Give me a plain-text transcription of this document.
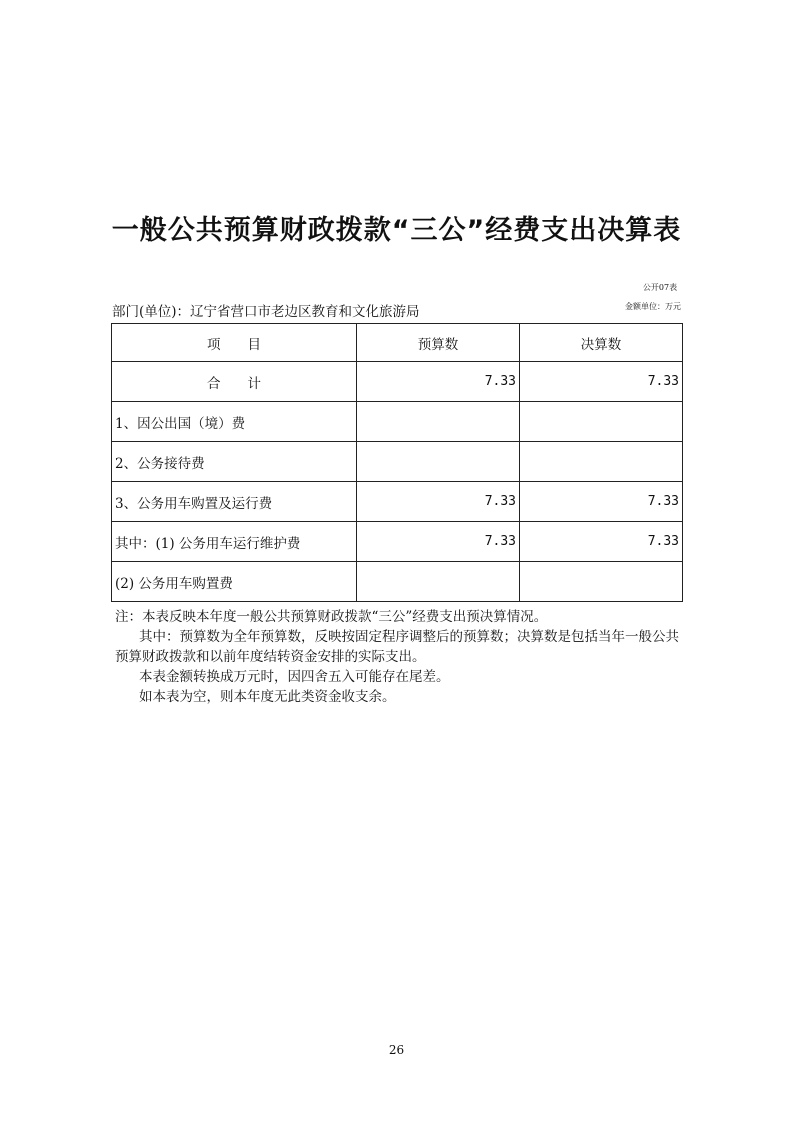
一般公共预算财政拨款“三公”经费支出决算表
公开07表
金额单位：万元
部门(单位)：辽宁省营口市老边区教育和文化旅游局
项　　目	预算数	决算数
合　　计	7.33	7.33
1、因公出国（境）费		
2、公务接待费		
3、公务用车购置及运行费	7.33	7.33
其中：(1) 公务用车运行维护费	7.33	7.33
(2) 公务用车购置费		

注：本表反映本年度一般公共预算财政拨款“三公”经费支出预决算情况。

其中：预算数为全年预算数，反映按固定程序调整后的预算数；决算数是包括当年一般公共预算财政拨款和以前年度结转资金安排的实际支出。

本表金额转换成万元时，因四舍五入可能存在尾差。

如本表为空，则本年度无此类资金收支余。

26
